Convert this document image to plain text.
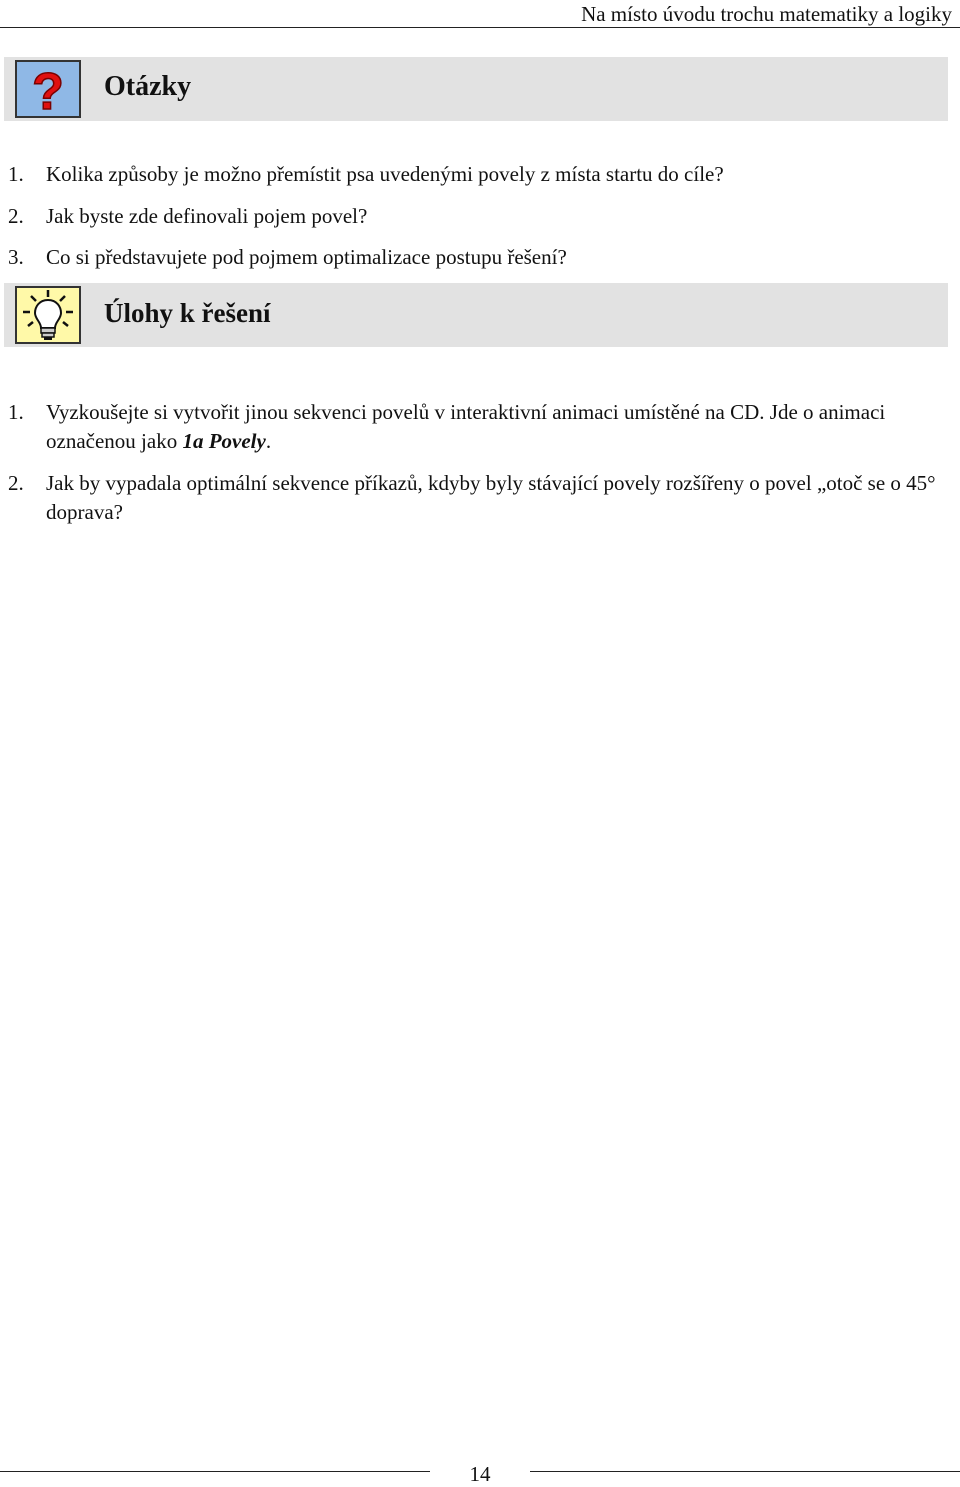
Na místo úvodu trochu matematiky a logiky
? Otázky
1. Kolika způsoby je možno přemístit psa uvedenými povely z místa startu do cíle?
2. Jak byste zde definovali pojem povel?
3. Co si představujete pod pojmem optimalizace postupu řešení?
Úlohy k řešení
1. Vyzkoušejte si vytvořit jinou sekvenci povelů v interaktivní animaci umístěné na CD. Jde o animaci označenou jako 1a Povely.
2. Jak by vypadala optimální sekvence příkazů, kdyby byly stávající povely rozšířeny o povel „otoč se o 45° doprava?
14
